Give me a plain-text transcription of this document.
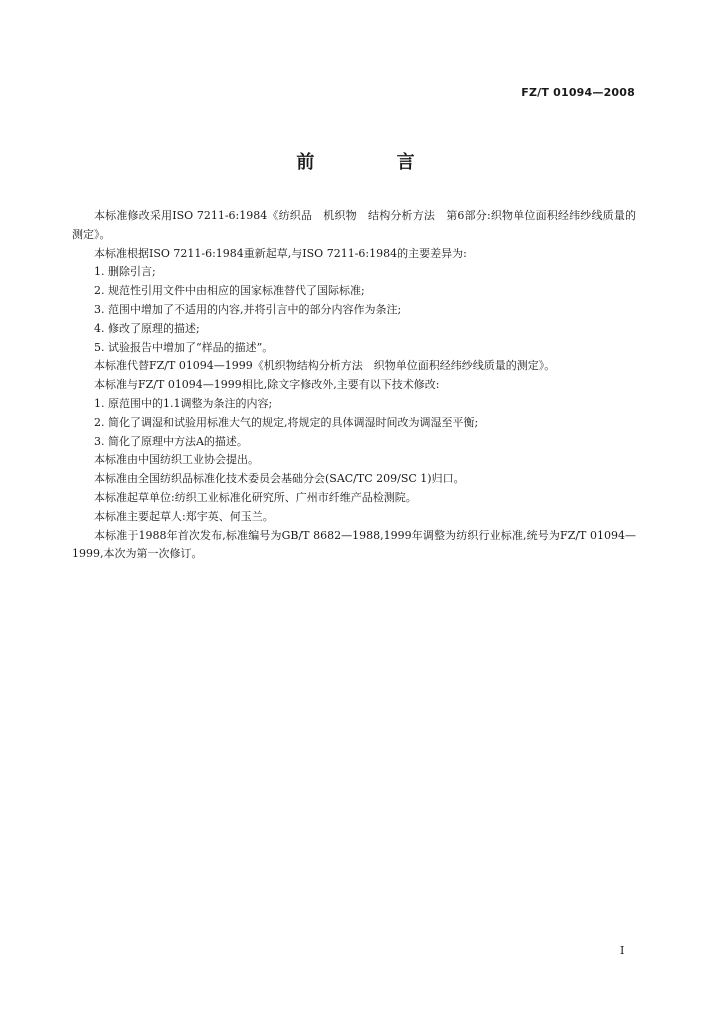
FZ/T 01094—2008
前 言

本标准修改采用ISO 7211-6:1984《纺织品　机织物　结构分析方法　第6部分:织物单位面积经纬纱线质量的测定》。

本标准根据ISO 7211-6:1984重新起草,与ISO 7211-6:1984的主要差异为:

1. 删除引言;

2. 规范性引用文件中由相应的国家标准替代了国际标准;

3. 范围中增加了不适用的内容,并将引言中的部分内容作为条注;

4. 修改了原理的描述;

5. 试验报告中增加了“样品的描述”。

本标准代替FZ/T 01094—1999《机织物结构分析方法　织物单位面积经纬纱线质量的测定》。

本标准与FZ/T 01094—1999相比,除文字修改外,主要有以下技术修改:

1. 原范围中的1.1调整为条注的内容;

2. 简化了调湿和试验用标准大气的规定,将规定的具体调湿时间改为调湿至平衡;

3. 简化了原理中方法A的描述。

本标准由中国纺织工业协会提出。

本标准由全国纺织品标准化技术委员会基础分会(SAC/TC 209/SC 1)归口。

本标准起草单位:纺织工业标准化研究所、广州市纤维产品检测院。

本标准主要起草人:郑宇英、何玉兰。

本标准于1988年首次发布,标准编号为GB/T 8682—1988,1999年调整为纺织行业标准,统号为FZ/T 01094—1999,本次为第一次修订。

I
